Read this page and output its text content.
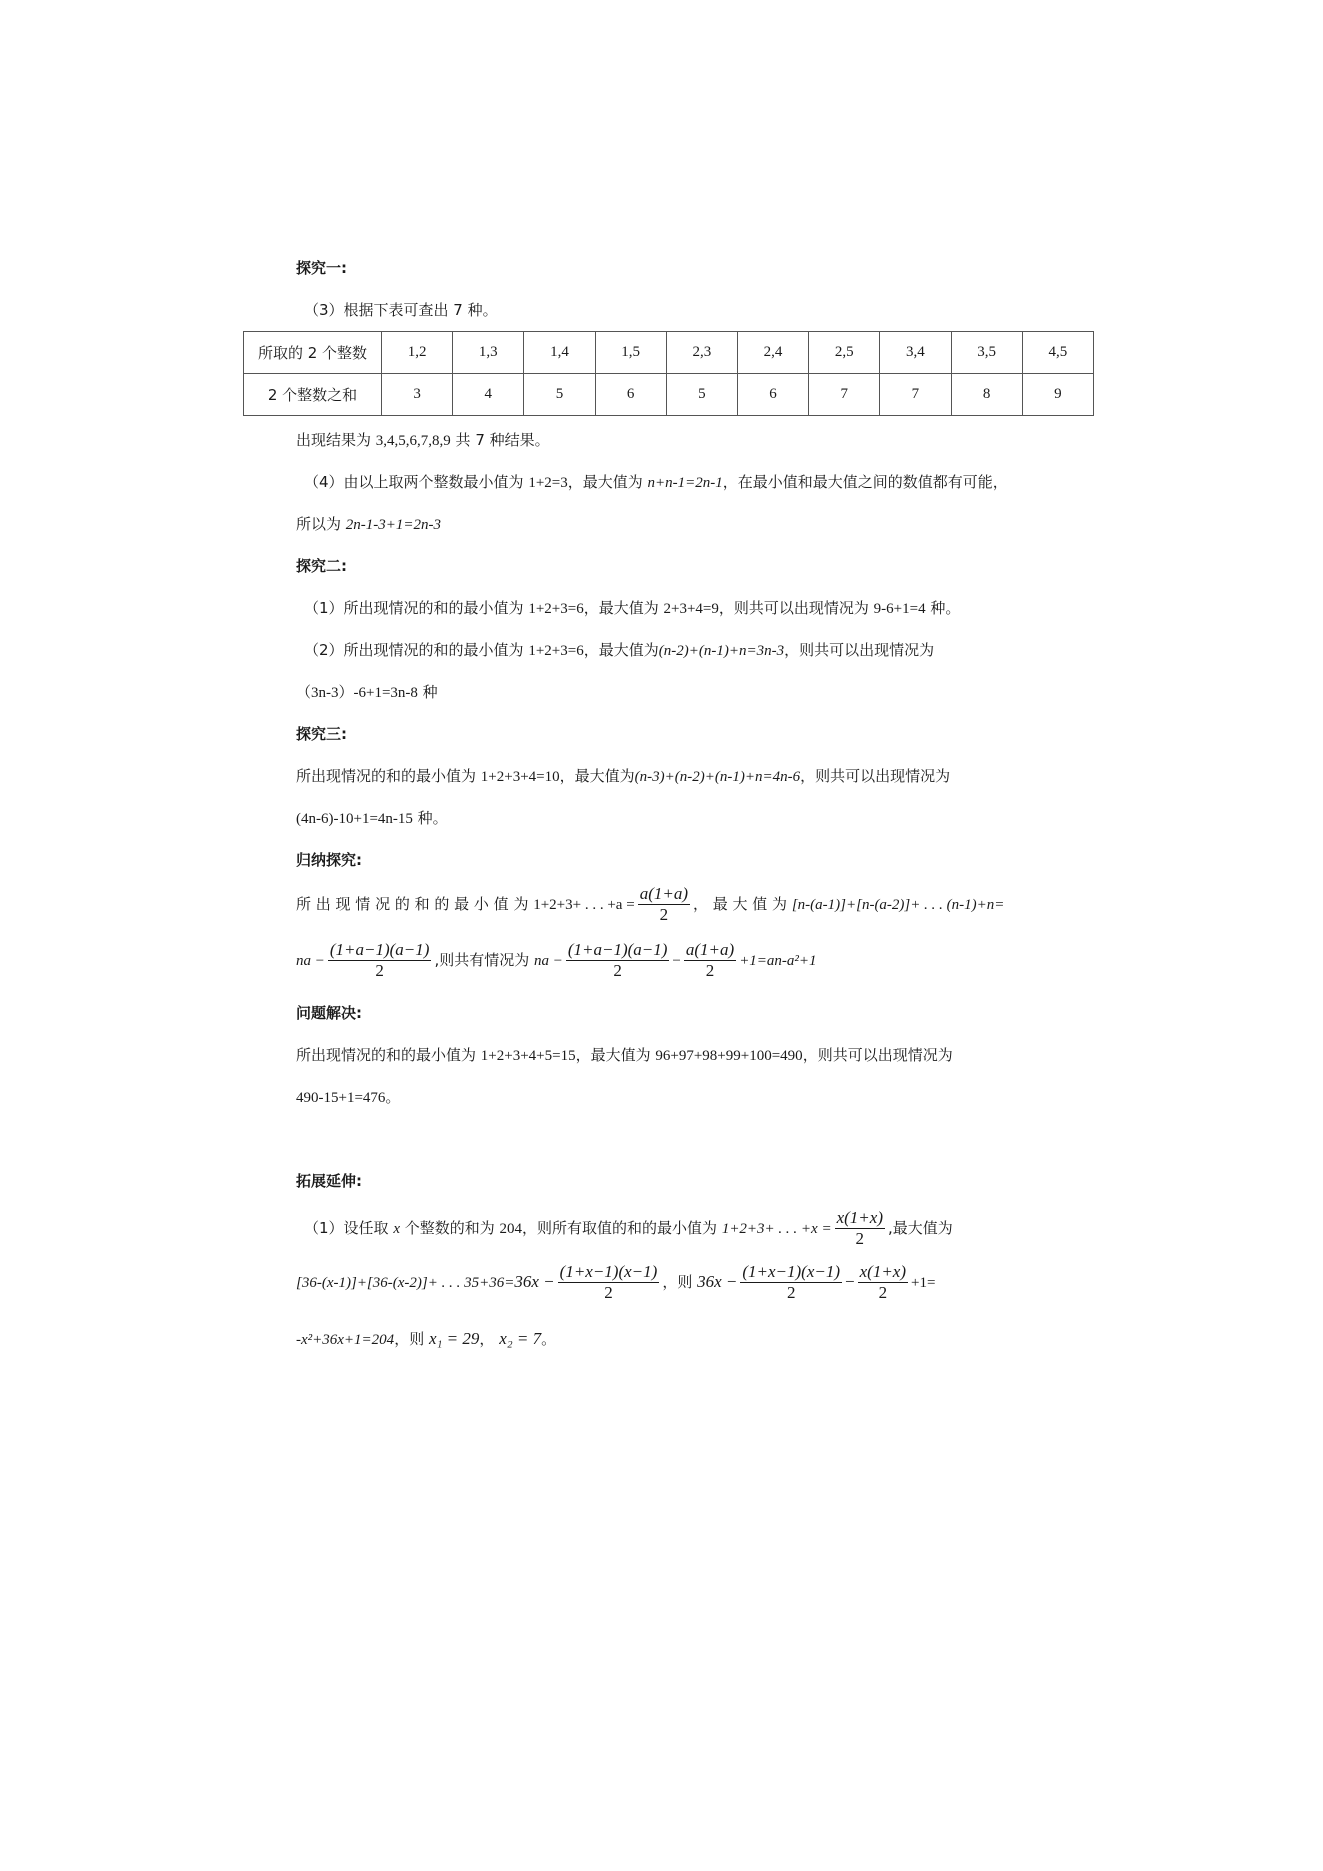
探究一:
（3）根据下表可查出 7 种。
所取的 2 个整数	1,2	1,3	1,4	1,5	2,3	2,4	2,5	3,4	3,5	4,5
2 个整数之和	3	4	5	6	5	6	7	7	8	9
出现结果为 3,4,5,6,7,8,9 共 7 种结果。
（4）由以上取两个整数最小值为 1+2=3，最大值为 n+n-1=2n-1，在最小值和最大值之间的数值都有可能，
所以为 2n-1-3+1=2n-3
探究二:
（1）所出现情况的和的最小值为 1+2+3=6，最大值为 2+3+4=9，则共可以出现情况为 9-6+1=4 种。
（2）所出现情况的和的最小值为 1+2+3=6，最大值为(n-2)+(n-1)+n=3n-3，则共可以出现情况为
（3n-3）-6+1=3n-8 种
探究三:
所出现情况的和的最小值为 1+2+3+4=10，最大值为(n-3)+(n-2)+(n-1)+n=4n-6，则共可以出现情况为
(4n-6)-10+1=4n-15 种。
归纳探究:
所 出 现 情 况 的 和 的 最 小 值 为 1+2+3+ . . . $+a = \frac{a(1+a)}{2}$ ， 最 大 值 为 [n-(a-1)]+[n-(a-2)]+ . . . (n-1)+n=
na − $\frac{(1+a-1)(a-1)}{2}$ ,则共有情况为 na − $\frac{(1+a-1)(a-1)}{2} - \frac{a(1+a)}{2} +1=an-a^2+1$
问题解决:
所出现情况的和的最小值为 1+2+3+4+5=15，最大值为 96+97+98+99+100=490，则共可以出现情况为
490-15+1=476。
拓展延伸:
（1）设任取 x 个整数的和为 204，则所有取值的和的最小值为 1+2+3+ . . . $+x = \frac{x(1+x)}{2}$ ,最大值为
[36-(x-1)]+[36-(x-2)]+ . . . $35+36=36x - \frac{(1+x-1)(x-1)}{2}$ ，则 $36x - \frac{(1+x-1)(x-1)}{2} - \frac{x(1+x)}{2} +1=$
-x²+36x+1=204，则 x₁ = 29， x₂ = 7。
